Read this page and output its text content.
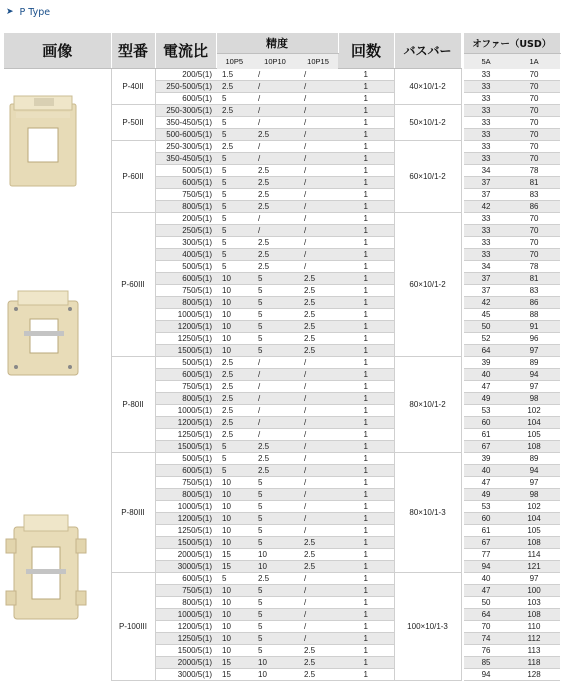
➤ P Type
画像	型番	電流比	精度			回数	バスバー		オファー（USD）	
			10P5	10P10	10P15				5A	1A

	P-40II	200/5(1)	1.5	/	/	1	40×10/1-2		33	70
		250-500/5(1)	2.5	/	/	1			33	70
		600/5(1)	5	/	/	1			33	70
	P-50II	250-300/5(1)	2.5	/	/	1	50×10/1-2		33	70
		350-450/5(1)	5	/	/	1			33	70
		500-600/5(1)	5	2.5	/	1			33	70
	P-60II	250-300/5(1)	2.5	/	/	1	60×10/1-2		33	70
		350-450/5(1)	5	/	/	1			33	70
		500/5(1)	5	2.5	/	1			34	78
		600/5(1)	5	2.5	/	1			37	81
		750/5(1)	5	2.5	/	1			37	83
		800/5(1)	5	2.5	/	1			42	86

	P-60III	200/5(1)	5	/	/	1	60×10/1-2		33	70
		250/5(1)	5	/	/	1			33	70
		300/5(1)	5	2.5	/	1			33	70
		400/5(1)	5	2.5	/	1			33	70
		500/5(1)	5	2.5	/	1			34	78
		600/5(1)	10	5	2.5	1			37	81
		750/5(1)	10	5	2.5	1			37	83
		800/5(1)	10	5	2.5	1			42	86
		1000/5(1)	10	5	2.5	1			45	88
		1200/5(1)	10	5	2.5	1			50	91
		1250/5(1)	10	5	2.5	1			52	96
		1500/5(1)	10	5	2.5	1			64	97
	P-80II	500/5(1)	2.5	/	/	1	80×10/1-2		39	89
		600/5(1)	2.5	/	/	1			40	94
		750/5(1)	2.5	/	/	1			47	97
		800/5(1)	2.5	/	/	1			49	98
		1000/5(1)	2.5	/	/	1			53	102
		1200/5(1)	2.5	/	/	1			60	104
		1250/5(1)	2.5	/	/	1			61	105
		1500/5(1)	5	2.5	/	1			67	108

	P-80III	500/5(1)	5	2.5	/	1	80×10/1-3		39	89
		600/5(1)	5	2.5	/	1			40	94
		750/5(1)	10	5	/	1			47	97
		800/5(1)	10	5	/	1			49	98
		1000/5(1)	10	5	/	1			53	102
		1200/5(1)	10	5	/	1			60	104
		1250/5(1)	10	5	/	1			61	105
		1500/5(1)	10	5	2.5	1			67	108
		2000/5(1)	15	10	2.5	1			77	114
		3000/5(1)	15	10	2.5	1			94	121
	P-100III	600/5(1)	5	2.5	/	1	100×10/1-3		40	97
		750/5(1)	10	5	/	1			47	100
		800/5(1)	10	5	/	1			50	103
		1000/5(1)	10	5	/	1			64	108
		1200/5(1)	10	5	/	1			70	110
		1250/5(1)	10	5	/	1			74	112
		1500/5(1)	10	5	2.5	1			76	113
		2000/5(1)	15	10	2.5	1			85	118
		3000/5(1)	15	10	2.5	1			94	128
